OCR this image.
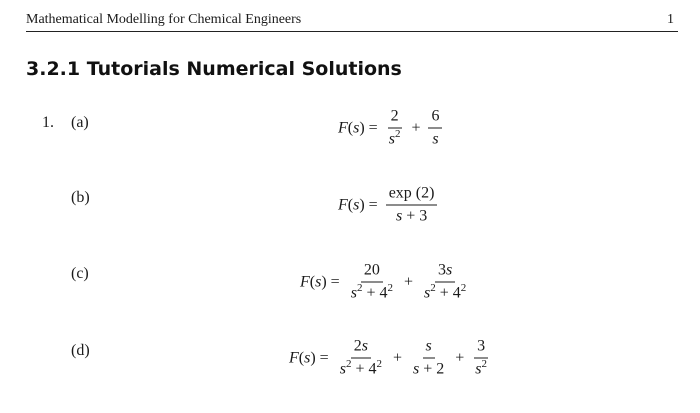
Mathematical Modelling for Chemical Engineers	1
3.2.1 Tutorials Numerical Solutions
1. (a)	$F(s) = \frac{2}{s^2} + \frac{6}{s}$
(b)	$F(s) = \frac{\exp (2)}{s + 3}$
(c)	$F(s) = \frac{20}{s^2 + 4^2} + \frac{3s}{s^2 + 4^2}$
(d)	$F(s) = \frac{2s}{s^2 + 4^2} + \frac{s}{s + 2} + \frac{3}{s^2}$
